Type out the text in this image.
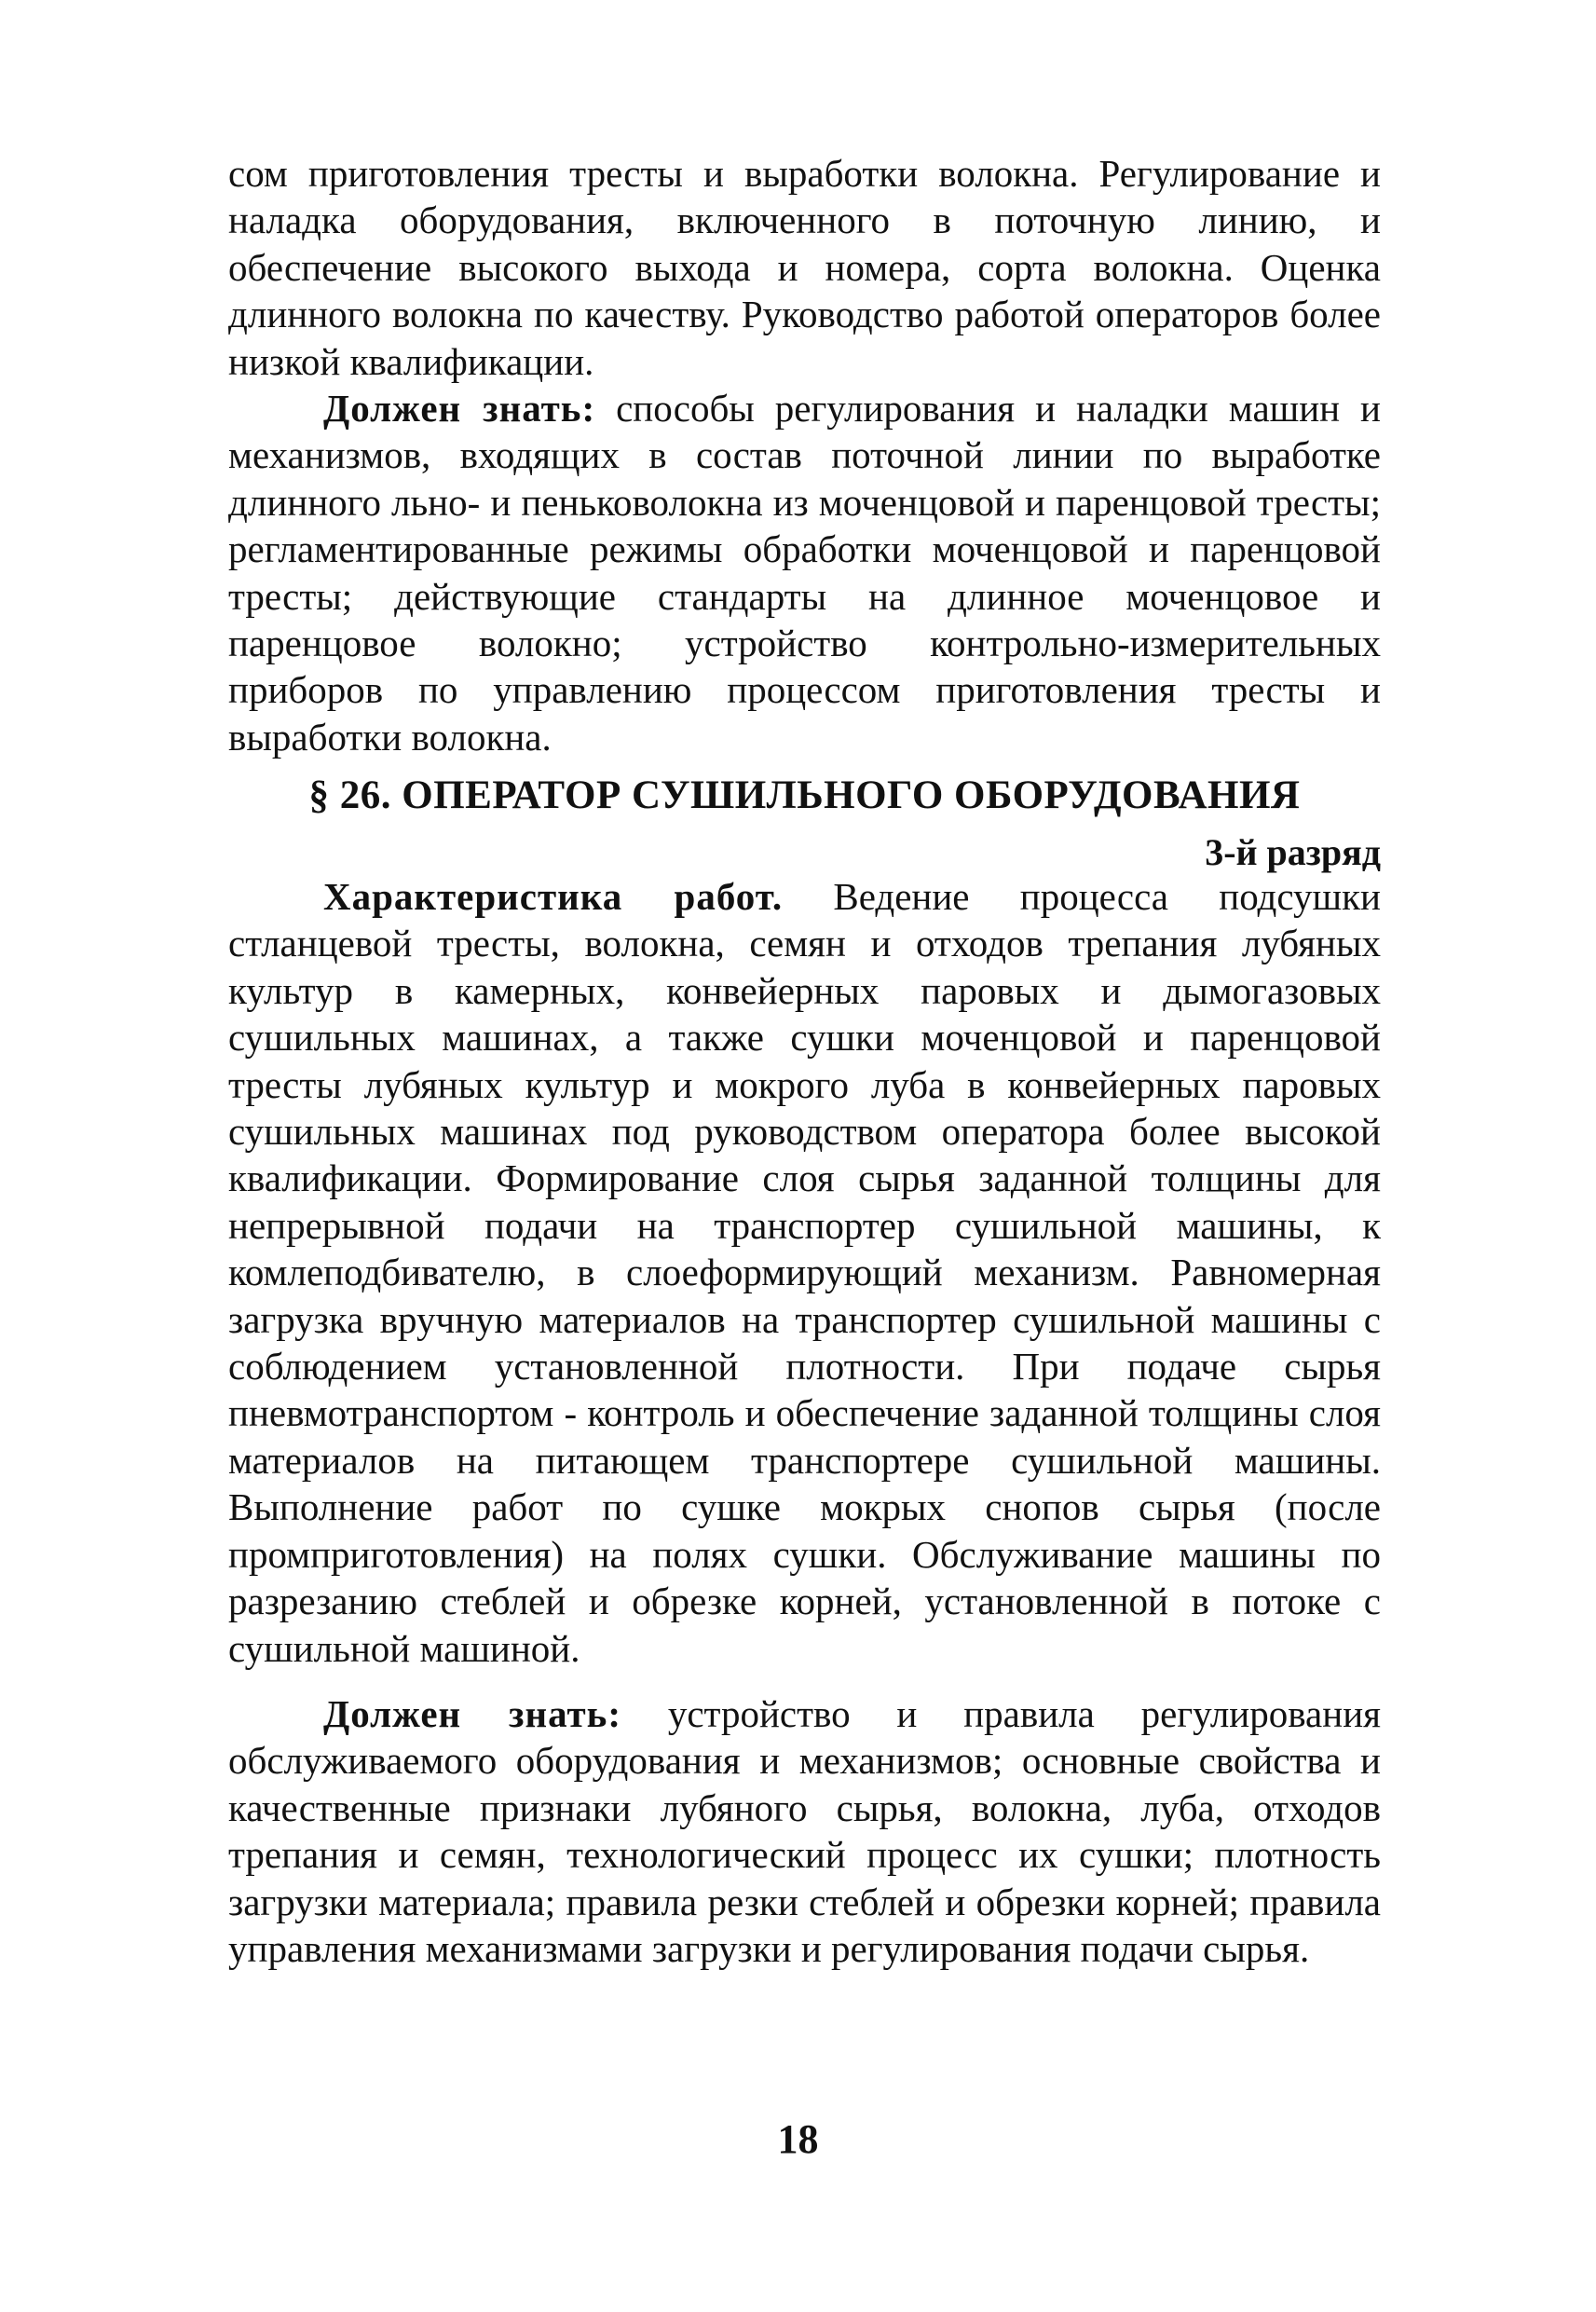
сом приготовления тресты и выработки волокна. Регулирование и наладка оборудования, включенного в поточную линию, и обеспечение высокого выхода и номера, сорта волокна. Оценка длинного волокна по качеству. Руководство работой операторов более низкой квалификации.

Должен знать: способы регулирования и наладки машин и механизмов, входящих в состав поточной линии по выработке длинного льно- и пеньковолокна из моченцовой и паренцовой тресты; регламентированные режимы обработки моченцовой и паренцовой тресты; действующие стандарты на длинное моченцовое и паренцовое волокно; устройство контрольно-измерительных приборов по управлению процессом приготовления тресты и выработки волокна.

§ 26. ОПЕРАТОР СУШИЛЬНОГО ОБОРУДОВАНИЯ
3-й разряд

Характеристика работ. Ведение процесса подсушки стланцевой тресты, волокна, семян и отходов трепания лубяных культур в камерных, конвейерных паровых и дымогазовых сушильных машинах, а также сушки моченцовой и паренцовой тресты лубяных культур и мокрого луба в конвейерных паровых сушильных машинах под руководством оператора более высокой квалификации. Формирование слоя сырья заданной толщины для непрерывной подачи на транспортер сушильной машины, к комлеподбивателю, в слоеформирующий механизм. Равномерная загрузка вручную материалов на транспортер сушильной машины с соблюдением установленной плотности. При подаче сырья пневмотранспортом - контроль и обеспечение заданной толщины слоя материалов на питающем транспортере сушильной машины. Выполнение работ по сушке мокрых снопов сырья (после промприготовления) на полях сушки. Обслуживание машины по разрезанию стеблей и обрезке корней, установленной в потоке с сушильной машиной.

Должен знать: устройство и правила регулирования обслуживаемого оборудования и механизмов; основные свойства и качественные признаки лубяного сырья, волокна, луба, отходов трепания и семян, технологический процесс их сушки; плотность загрузки материала; правила резки стеблей и обрезки корней; правила управления механизмами загрузки и регулирования подачи сырья.

18
